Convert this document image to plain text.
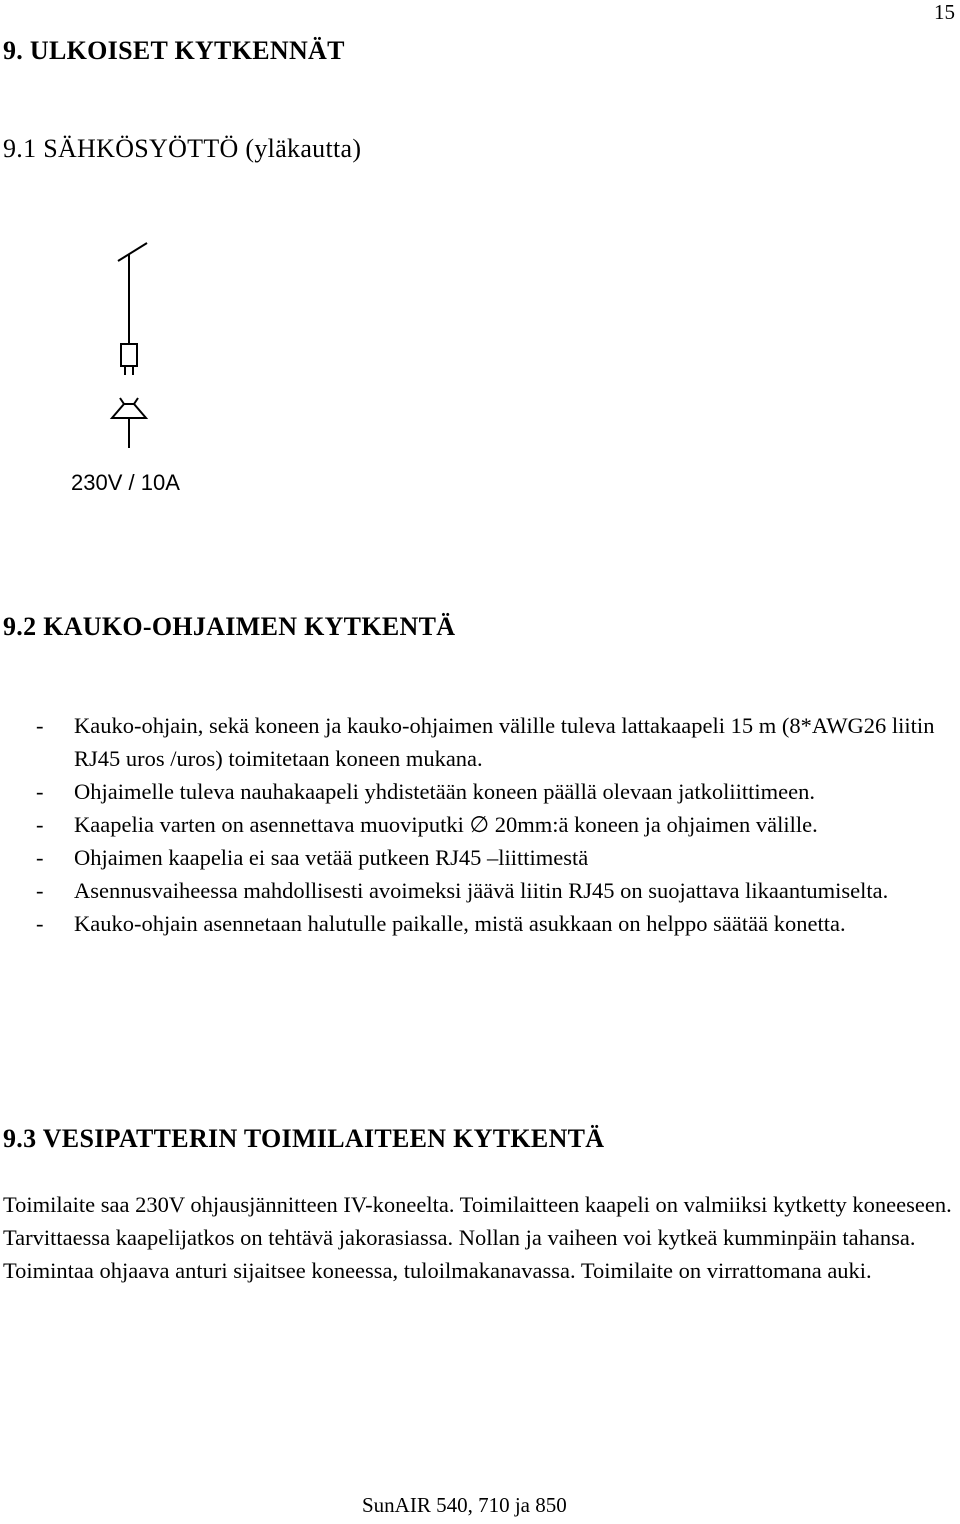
15
9. ULKOISET KYTKENNÄT
9.1 SÄHKÖSYÖTTÖ (yläkautta)
230V / 10A
9.2 KAUKO-OHJAIMEN KYTKENTÄ
- Kauko-ohjain, sekä koneen ja kauko-ohjaimen välille tuleva lattakaapeli 15 m (8*AWG26 liitin RJ45 uros /uros) toimitetaan koneen mukana.
- Ohjaimelle tuleva nauhakaapeli yhdistetään koneen päällä olevaan jatkoliittimeen.
- Kaapelia varten on asennettava muoviputki ∅ 20mm:ä koneen ja ohjaimen välille.
- Ohjaimen kaapelia ei saa vetää putkeen RJ45 –liittimestä
- Asennusvaiheessa mahdollisesti avoimeksi jäävä liitin RJ45 on suojattava likaantumiselta.
- Kauko-ohjain asennetaan halutulle paikalle, mistä asukkaan on helppo säätää konetta.
9.3 VESIPATTERIN TOIMILAITEEN KYTKENTÄ

Toimilaite saa 230V ohjausjännitteen IV-koneelta. Toimilaitteen kaapeli on valmiiksi kytketty koneeseen. Tarvittaessa kaapelijatkos on tehtävä jakorasiassa. Nollan ja vaiheen voi kytkeä kumminpäin tahansa. Toimintaa ohjaava anturi sijaitsee koneessa, tuloilmakanavassa. Toimilaite on virrattomana auki.

SunAIR 540, 710 ja 850
